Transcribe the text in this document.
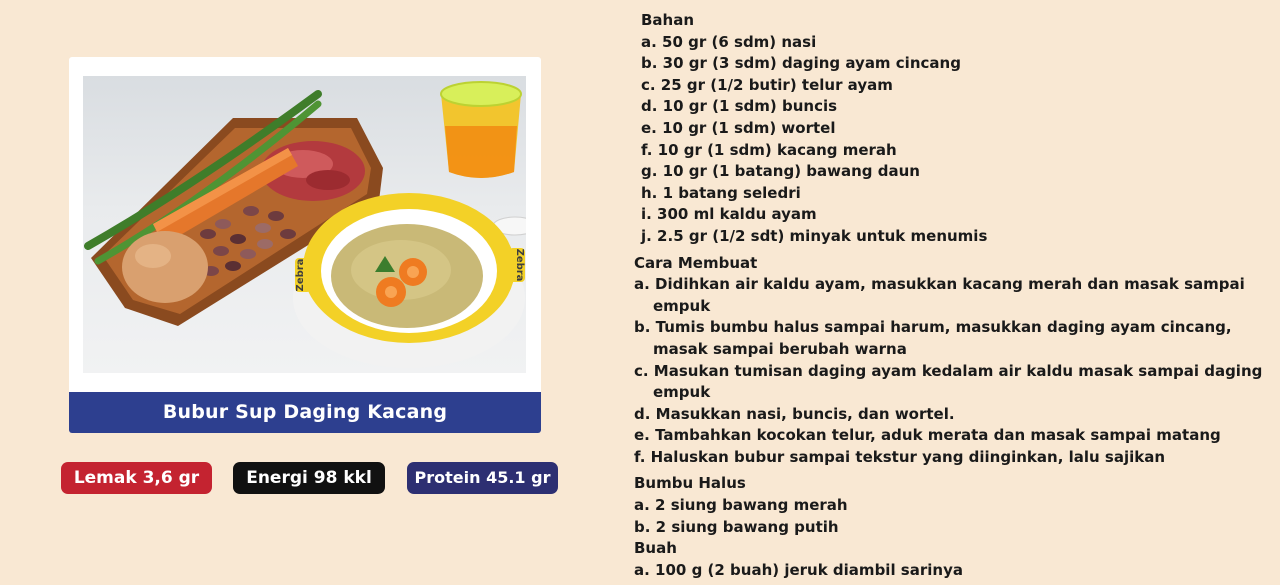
Zebra	Zebra
Bubur Sup Daging Kacang
Lemak 3,6 gr	Energi 98 kkl	Protein 45.1 gr

Bahan

a. 50 gr (6 sdm) nasi
b. 30 gr (3 sdm) daging ayam cincang
c. 25 gr (1/2 butir) telur ayam
d. 10 gr (1 sdm) buncis
e. 10 gr (1 sdm) wortel
f. 10 gr (1 sdm) kacang merah
g. 10 gr (1 batang) bawang daun
h. 1 batang seledri
i. 300 ml kaldu ayam
j. 2.5 gr (1/2 sdt) minyak untuk menumis

Cara Membuat

a. Didihkan air kaldu ayam, masukkan kacang merah dan masak sampai empuk
b. Tumis bumbu halus sampai harum, masukkan daging ayam cincang, masak sampai berubah warna
c. Masukan tumisan daging ayam kedalam air kaldu masak sampai daging empuk
d. Masukkan nasi, buncis, dan wortel.
e. Tambahkan kocokan telur, aduk merata dan masak sampai matang
f. Haluskan bubur sampai tekstur yang diinginkan, lalu sajikan

Bumbu Halus

a. 2 siung bawang merah
b. 2 siung bawang putih

Buah

a. 100 g (2 buah) jeruk diambil sarinya
